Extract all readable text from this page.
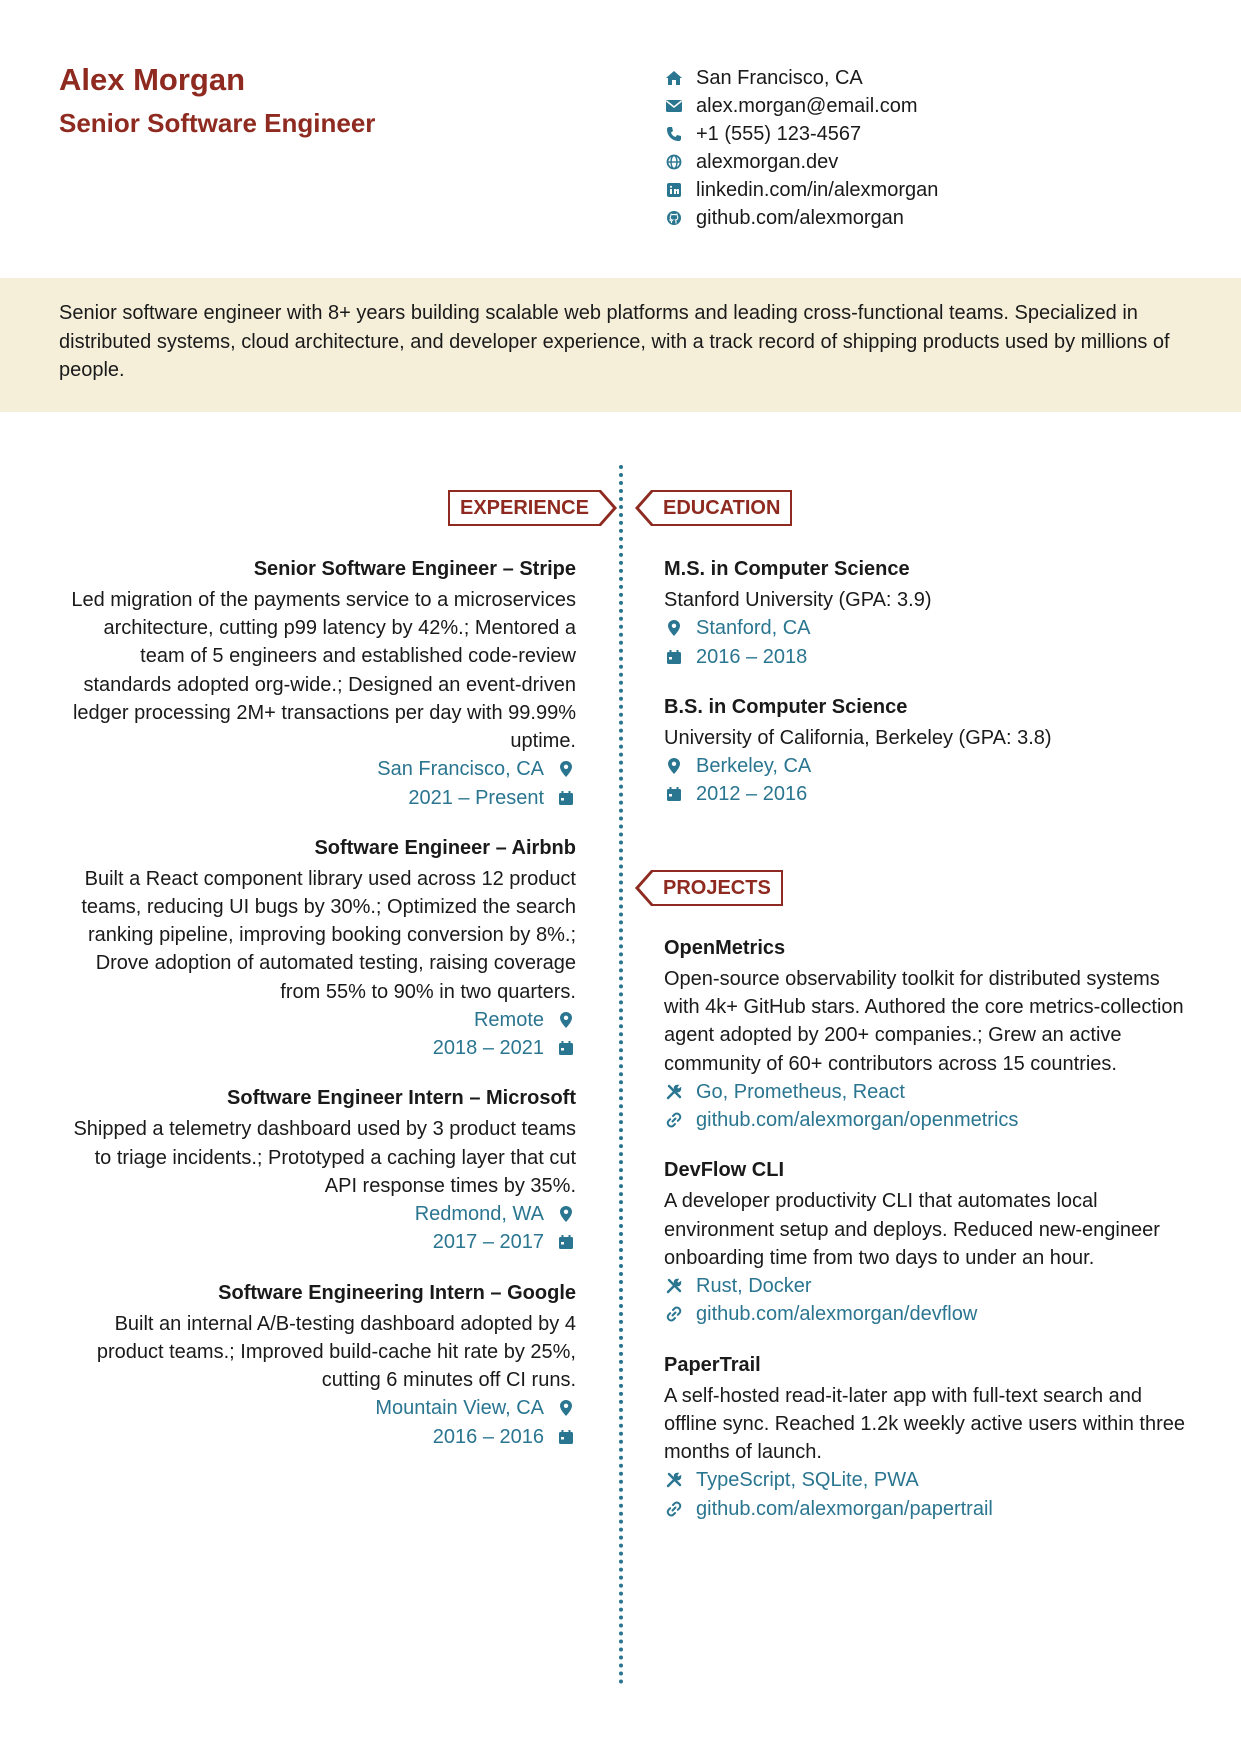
Alex Morgan
Senior Software Engineer
San Francisco, CA
alex.morgan@email.com
+1 (555) 123-4567
alexmorgan.dev
linkedin.com/in/alexmorgan
github.com/alexmorgan

Senior software engineer with 8+ years building scalable web platforms and leading cross-functional teams. Specialized in distributed systems, cloud architecture, and developer experience, with a track record of shipping products used by millions of people.

EXPERIENCE	EDUCATION
PROJECTS

Senior Software Engineer – Stripe

Led migration of the payments service to a microservices architecture, cutting p99 latency by 42%.; Mentored a team of 5 engineers and established code-review standards adopted org-wide.; Designed an event-driven ledger processing 2M+ transactions per day with 99.99% uptime.

San Francisco, CA
2021 – Present

Software Engineer – Airbnb

Built a React component library used across 12 product teams, reducing UI bugs by 30%.; Optimized the search ranking pipeline, improving booking conversion by 8%.; Drove adoption of automated testing, raising coverage from 55% to 90% in two quarters.

Remote
2018 – 2021

Software Engineer Intern – Microsoft

Shipped a telemetry dashboard used by 3 product teams to triage incidents.; Prototyped a caching layer that cut API response times by 35%.

Redmond, WA
2017 – 2017

Software Engineering Intern – Google

Built an internal A/B-testing dashboard adopted by 4 product teams.; Improved build-cache hit rate by 25%, cutting 6 minutes off CI runs.

Mountain View, CA
2016 – 2016

M.S. in Computer Science

Stanford University (GPA: 3.9)

Stanford, CA
2016 – 2018

B.S. in Computer Science

University of California, Berkeley (GPA: 3.8)

Berkeley, CA
2012 – 2016

OpenMetrics

Open-source observability toolkit for distributed systems with 4k+ GitHub stars. Authored the core metrics-collection agent adopted by 200+ companies.; Grew an active community of 60+ contributors across 15 countries.

Go, Prometheus, React
github.com/alexmorgan/openmetrics

DevFlow CLI

A developer productivity CLI that automates local environment setup and deploys. Reduced new-engineer onboarding time from two days to under an hour.

Rust, Docker
github.com/alexmorgan/devflow

PaperTrail

A self-hosted read-it-later app with full-text search and offline sync. Reached 1.2k weekly active users within three months of launch.

TypeScript, SQLite, PWA
github.com/alexmorgan/papertrail
